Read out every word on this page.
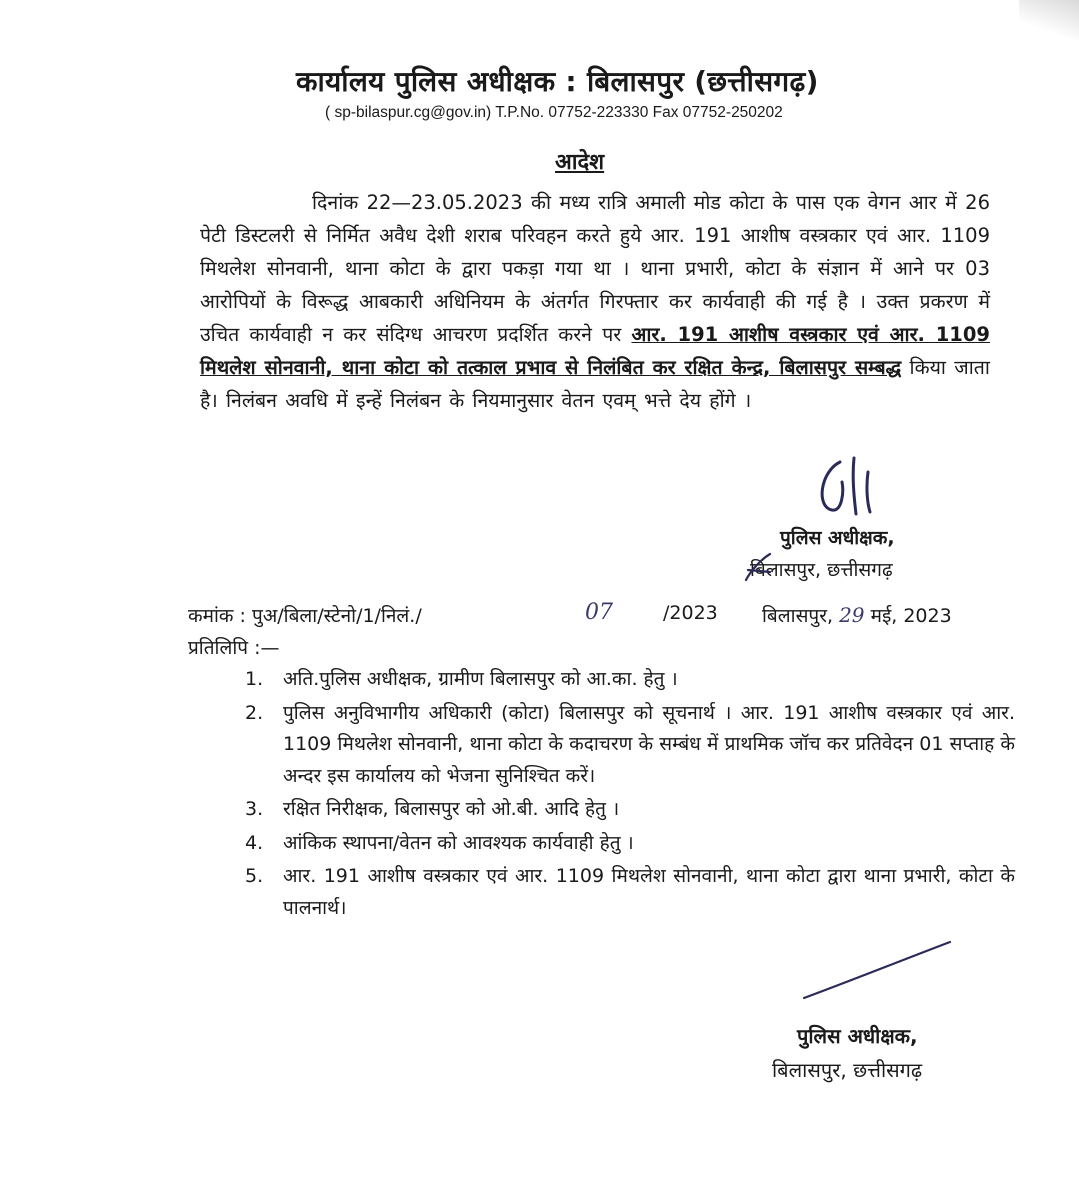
कार्यालय पुलिस अधीक्षक : बिलासपुर (छत्तीसगढ़)
( sp-bilaspur.cg@gov.in) T.P.No. 07752-223330 Fax 07752-250202
आदेश
दिनांक 22—23.05.2023 की मध्य रात्रि अमाली मोड कोटा के पास एक वेगन आर में 26 पेटी डिस्टलरी से निर्मित अवैध देशी शराब परिवहन करते हुये आर. 191 आशीष वस्त्रकार एवं आर. 1109 मिथलेश सोनवानी, थाना कोटा के द्वारा पकड़ा गया था । थाना प्रभारी, कोटा के संज्ञान में आने पर 03 आरोपियों के विरूद्ध आबकारी अधिनियम के अंतर्गत गिरफ्तार कर कार्यवाही की गई है । उक्त प्रकरण में उचित कार्यवाही न कर संदिग्ध आचरण प्रदर्शित करने पर आर. 191 आशीष वस्त्रकार एवं आर. 1109 मिथलेश सोनवानी, थाना कोटा को तत्काल प्रभाव से निलंबित कर रक्षित केन्द्र, बिलासपुर सम्बद्ध किया जाता है। निलंबन अवधि में इन्हें निलंबन के नियमानुसार वेतन एवम् भत्ते देय होंगे ।
पुलिस अधीक्षक,
बिलासपुर, छत्तीसगढ़
कमांक : पुअ/बिला/स्टेनो/1/निलं./	07	/2023 बिलासपुर, 29 मई, 2023
प्रतिलिपि :—
1. अति.पुलिस अधीक्षक, ग्रामीण बिलासपुर को आ.का. हेतु ।
2. पुलिस अनुविभागीय अधिकारी (कोटा) बिलासपुर को सूचनार्थ । आर. 191 आशीष वस्त्रकार एवं आर. 1109 मिथलेश सोनवानी, थाना कोटा के कदाचरण के सम्बंध में प्राथमिक जॉच कर प्रतिवेदन 01 सप्ताह के अन्दर इस कार्यालय को भेजना सुनिश्चित करें।
3. रक्षित निरीक्षक, बिलासपुर को ओ.बी. आदि हेतु ।
4. आंकिक स्थापना/वेतन को आवश्यक कार्यवाही हेतु ।
5. आर. 191 आशीष वस्त्रकार एवं आर. 1109 मिथलेश सोनवानी, थाना कोटा द्वारा थाना प्रभारी, कोटा के पालनार्थ।
पुलिस अधीक्षक,
बिलासपुर, छत्तीसगढ़
